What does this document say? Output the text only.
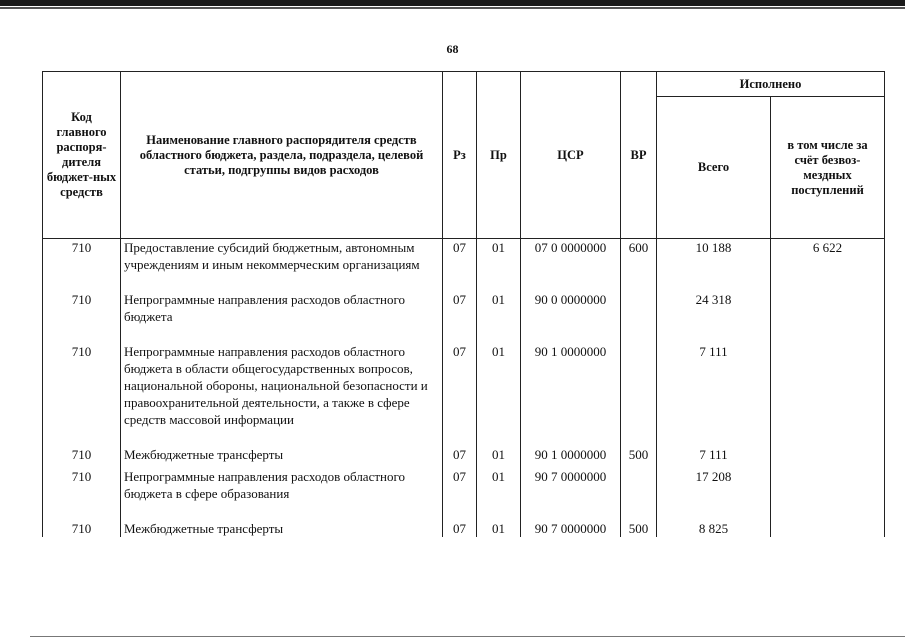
68
Код главного распоря-дителя бюджет-ных средств	Наименование главного распорядителя средств областного бюджета, раздела, подраздела, целевой статьи, подгруппы видов расходов	Рз	Пр	ЦСР	ВР	Исполнено	
						Всего	в том числе за счёт безвоз-мездных поступлений
710	Предоставление субсидий бюджетным, автономным учреждениям и иным некоммерческим организациям	07	01	07 0 0000000	600	10 188	6 622
710	Непрограммные направления расходов областного бюджета	07	01	90 0 0000000		24 318	
710	Непрограммные направления расходов областного бюджета в области общегосударственных вопросов, национальной обороны, национальной безопасности и правоохранительной деятельности, а также в сфере средств массовой информации	07	01	90 1 0000000		7 111	
710	Межбюджетные трансферты	07	01	90 1 0000000	500	7 111	
710	Непрограммные направления расходов областного бюджета в сфере образования	07	01	90 7 0000000		17 208	
710	Межбюджетные трансферты	07	01	90 7 0000000	500	8 825	
